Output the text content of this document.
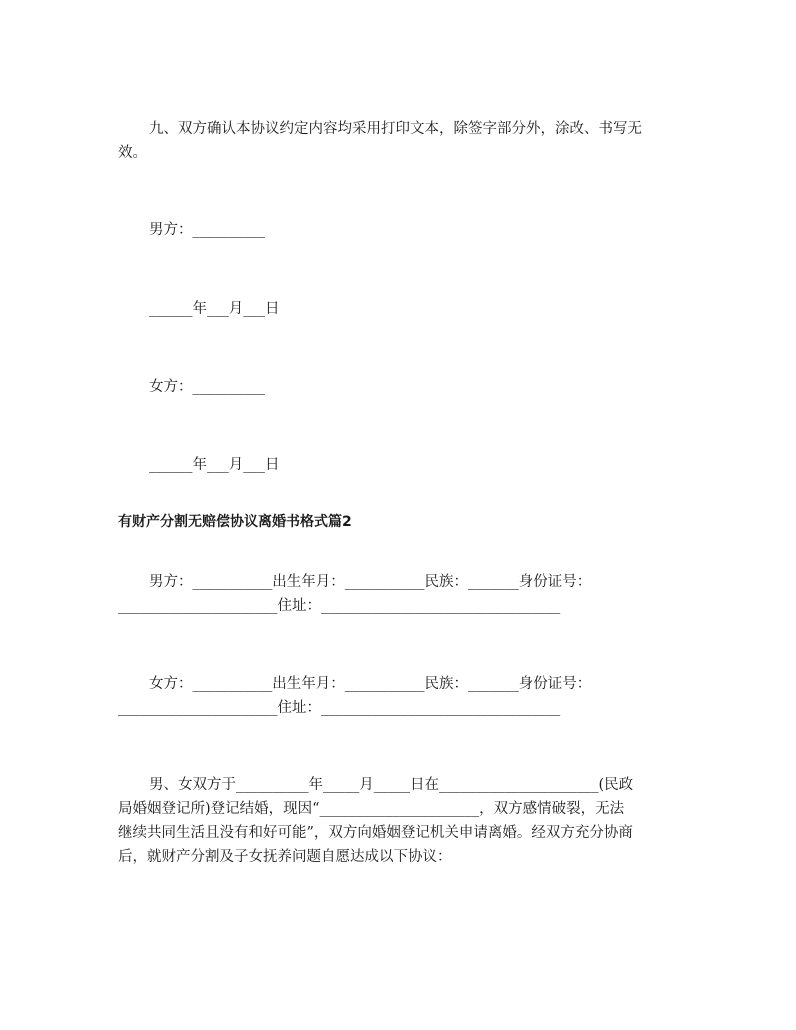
九、双方确认本协议约定内容均采用打印文本，除签字部分外，涂改、书写无
效。
男方：__________
______年___月___日
女方：__________
______年___月___日
有财产分割无赔偿协议离婚书格式篇2
男方：___________出生年月：___________民族：_______身份证号：
______________________住址：_________________________________
女方：___________出生年月：___________民族：_______身份证号：
______________________住址：_________________________________
男、女双方于__________年_____月_____日在______________________(民政
局婚姻登记所)登记结婚，现因“______________________，双方感情破裂，无法
继续共同生活且没有和好可能”，双方向婚姻登记机关申请离婚。经双方充分协商
后，就财产分割及子女抚养问题自愿达成以下协议：
